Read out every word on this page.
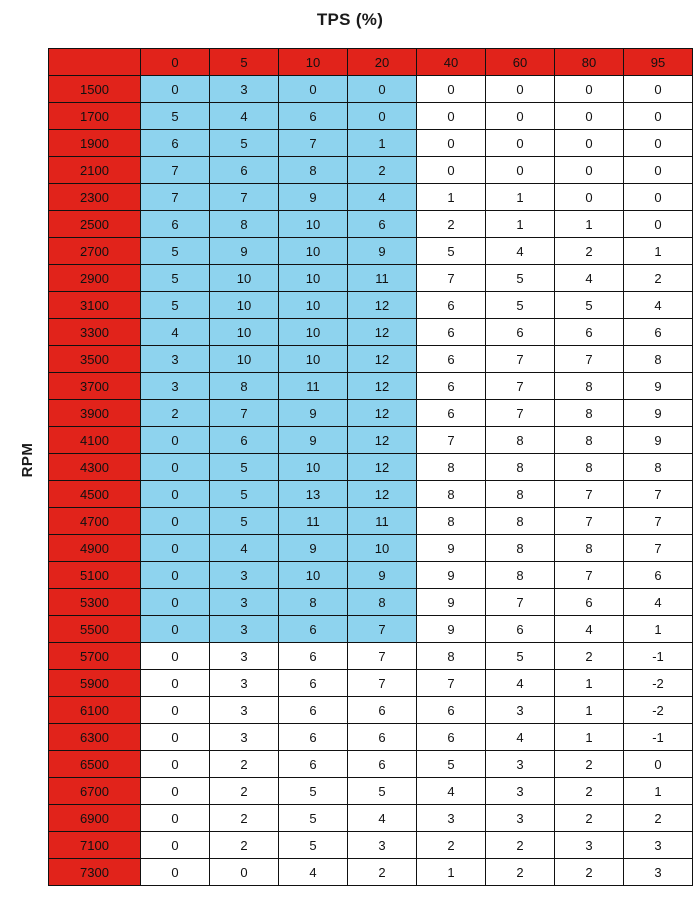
TPS (%)
RPM
	0	5	10	20	40	60	80	95
1500	0	3	0	0	0	0	0	0
1700	5	4	6	0	0	0	0	0
1900	6	5	7	1	0	0	0	0
2100	7	6	8	2	0	0	0	0
2300	7	7	9	4	1	1	0	0
2500	6	8	10	6	2	1	1	0
2700	5	9	10	9	5	4	2	1
2900	5	10	10	11	7	5	4	2
3100	5	10	10	12	6	5	5	4
3300	4	10	10	12	6	6	6	6
3500	3	10	10	12	6	7	7	8
3700	3	8	11	12	6	7	8	9
3900	2	7	9	12	6	7	8	9
4100	0	6	9	12	7	8	8	9
4300	0	5	10	12	8	8	8	8
4500	0	5	13	12	8	8	7	7
4700	0	5	11	11	8	8	7	7
4900	0	4	9	10	9	8	8	7
5100	0	3	10	9	9	8	7	6
5300	0	3	8	8	9	7	6	4
5500	0	3	6	7	9	6	4	1
5700	0	3	6	7	8	5	2	-1
5900	0	3	6	7	7	4	1	-2
6100	0	3	6	6	6	3	1	-2
6300	0	3	6	6	6	4	1	-1
6500	0	2	6	6	5	3	2	0
6700	0	2	5	5	4	3	2	1
6900	0	2	5	4	3	3	2	2
7100	0	2	5	3	2	2	3	3
7300	0	0	4	2	1	2	2	3
